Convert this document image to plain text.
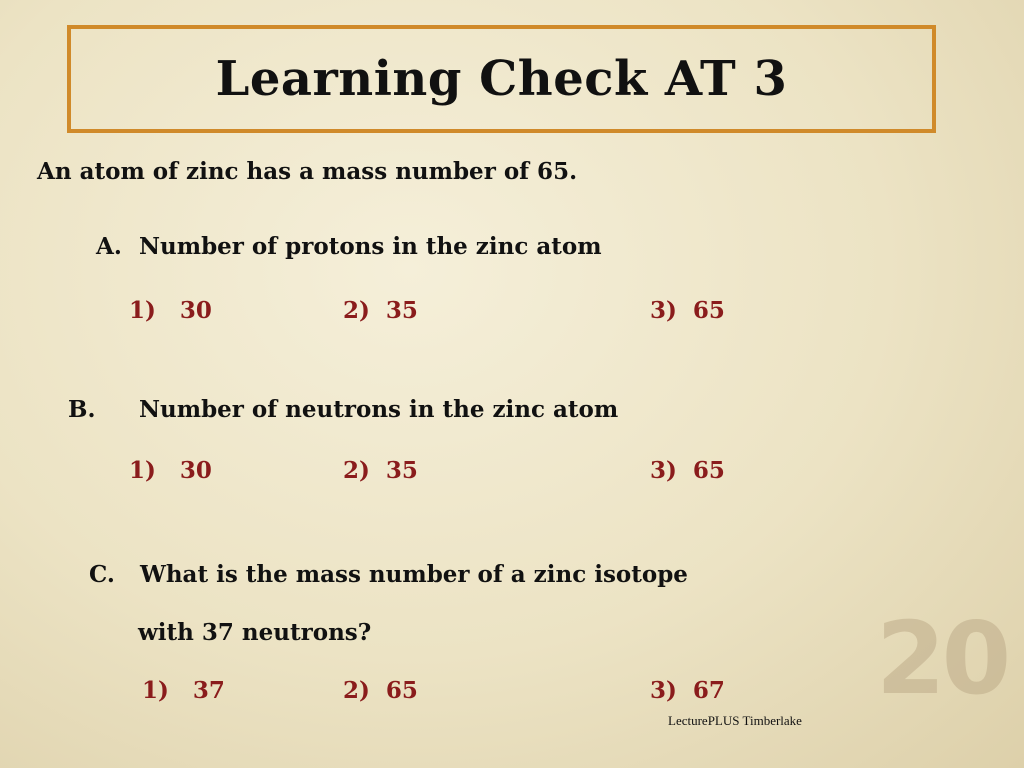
Learning Check AT 3
An atom of zinc has a mass number of 65.
A. Number of protons in the zinc atom
1)   30	2)  35	3)  65
B. Number of neutrons in the zinc atom
1)   30	2)  35	3)  65
C. What is the mass number of a zinc isotope
with 37 neutrons?
1)   37	2)  65	3)  67 20
LecturePLUS Timberlake
